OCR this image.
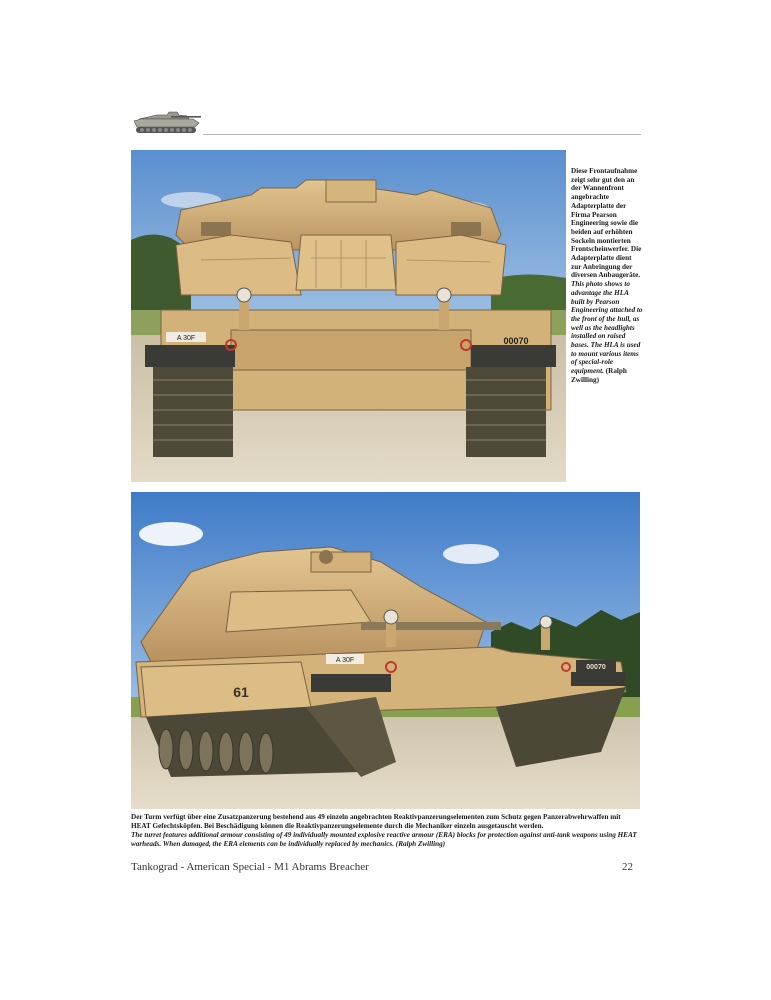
A 30F	00070
Diese Frontaufnahme zeigt sehr gut den an der Wannenfront angebrachte Adapterplatte der Firma Pearson Engineering sowie die beiden auf erhöhten Sockeln montierten Frontscheinwerfer. Die Adapterplatte dient zur Anbringung der diversen Anbaugeräte. This photo shows to advantage the HLA built by Pearson Engineering attached to the front of the hull, as well as the headlights installed on raised bases. The HLA is used to mount various items of special-role equipment. (Ralph Zwilling)
61
A 30F
00070
Der Turm verfügt über eine Zusatzpanzerung bestehend aus 49 einzeln angebrachten Reaktivpanzerungselementen zum Schutz gegen Panzerabwehrwaffen mit HEAT Gefechtsköpfen. Bei Beschädigung können die Reaktivpanzerungselemente durch die Mechaniker einzeln ausgetauscht werden.
The turret features additional armour consisting of 49 individually mounted explosive reactive armour (ERA) blocks for protection against anti-tank weapons using HEAT warheads. When damaged, the ERA elements can be individually replaced by mechanics. (Ralph Zwilling)
Tankograd - American Special - M1 Abrams Breacher	22
